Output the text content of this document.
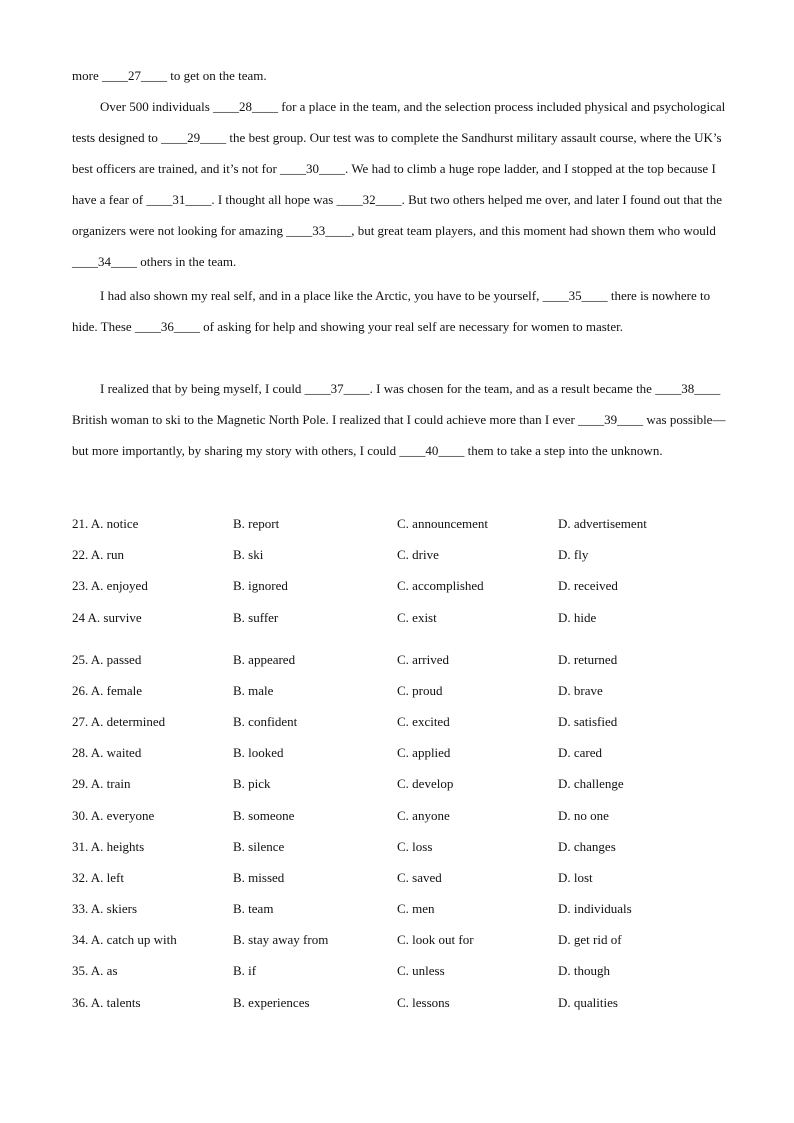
more ____27____ to get on the team.
Over 500 individuals ____28____ for a place in the team, and the selection process included physical and psychological tests designed to ____29____ the best group. Our test was to complete the Sandhurst military assault course, where the UK’s best officers are trained, and it’s not for ____30____. We had to climb a huge rope ladder, and I stopped at the top because I have a fear of ____31____. I thought all hope was ____32____. But two others helped me over, and later I found out that the organizers were not looking for amazing ____33____, but great team players, and this moment had shown them who would ____34____ others in the team.
I had also shown my real self, and in a place like the Arctic, you have to be yourself, ____35____ there is nowhere to hide. These ____36____ of asking for help and showing your real self are necessary for women to master.
I realized that by being myself, I could ____37____. I was chosen for the team, and as a result became the ____38____ British woman to ski to the Magnetic North Pole. I realized that I could achieve more than I ever ____39____ was possible—but more importantly, by sharing my story with others, I could ____40____ them to take a step into the unknown.
21. A. notice	B. report	C. announcement	D. advertisement
22. A. run	B. ski	C. drive	D. fly
23. A. enjoyed	B. ignored	C. accomplished	D. received
24 A. survive	B. suffer	C. exist	D. hide
25. A. passed	B. appeared	C. arrived	D. returned
26. A. female	B. male	C. proud	D. brave
27. A. determined	B. confident	C. excited	D. satisfied
28. A. waited	B. looked	C. applied	D. cared
29. A. train	B. pick	C. develop	D. challenge
30. A. everyone	B. someone	C. anyone	D. no one
31. A. heights	B. silence	C. loss	D. changes
32. A. left	B. missed	C. saved	D. lost
33. A. skiers	B. team	C. men	D. individuals
34. A. catch up with	B. stay away from	C. look out for	D. get rid of
35. A. as	B. if	C. unless	D. though
36. A. talents	B. experiences	C. lessons	D. qualities
